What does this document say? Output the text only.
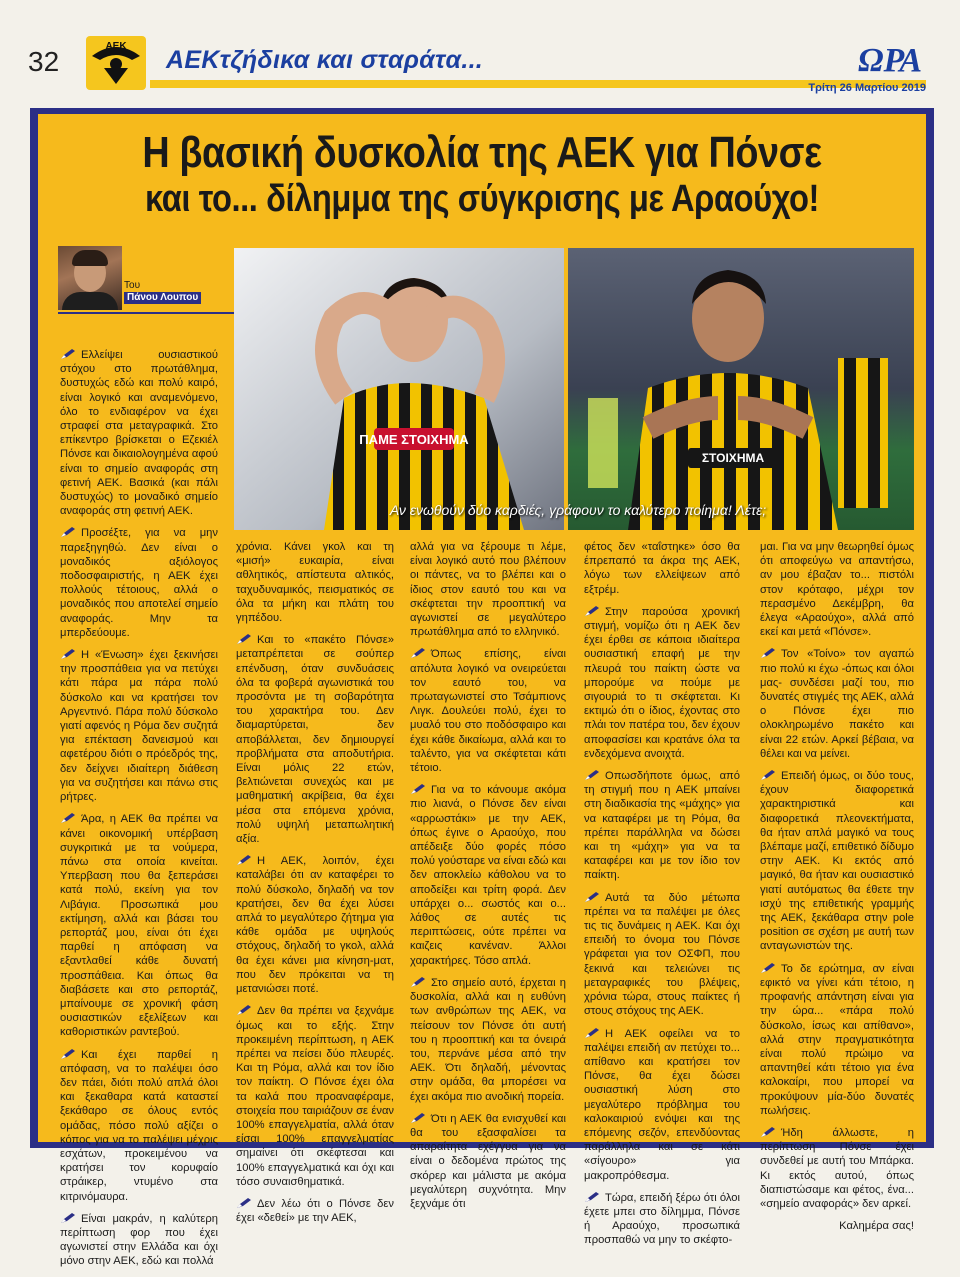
32	ΑΕΚ AEKτζήδικα και σταράτα...	ΩΡΑ
Τρίτη 26 Μαρτίου 2019
Η βασική δυσκολία της ΑΕΚ για Πόνσε
και το... δίλημμα της σύγκρισης με Αραούχο!
Του
Πάνου Λουπου
ΠΑΜΕ ΣΤΟΙΧΗΜΑ
ΣΤΟΙΧΗΜΑ
Αν ενωθούν δύο καρδιές, γράφουν το καλύτερο ποίημα! Λέτε;

Ελλείψει ουσιαστικού στόχου στο πρωτάθλημα, δυστυχώς εδώ και πολύ καιρό, είναι λογικό και αναμενόμενο, όλο το ενδιαφέρον να έχει στραφεί στα μεταγραφικά. Στο επίκεντρο βρίσκεται ο Εζεκιέλ Πόνσε και δικαιολογημένα αφού είναι το σημείο αναφοράς στη φετινή ΑΕΚ. Βασικά (και πάλι δυστυχώς) το μοναδικό σημείο αναφοράς στη φετινή ΑΕΚ.

Προσέξτε, για να μην παρεξηγηθώ. Δεν είναι ο μοναδικός αξιόλογος ποδοσφαιριστής, η ΑΕΚ έχει πολλούς τέτοιους, αλλά ο μοναδικός που αποτελεί σημείο αναφοράς. Μην τα μπερδεύουμε.

Η «Ένωση» έχει ξεκινήσει την προσπάθεια για να πετύχει κάτι πάρα μα πάρα πολύ δύσκολο και να κρατήσει τον Αργεντινό. Πάρα πολύ δύσκολο γιατί αφενός η Ρόμα δεν συζητά για επέκταση δανεισμού και αφετέρου διότι ο πρόεδρός της, δεν δείχνει ιδιαίτερη διάθεση για να συζητήσει και πάνω στις ρήτρες.

Άρα, η ΑΕΚ θα πρέπει να κάνει οικονομική υπέρβαση συγκριτικά με τα νούμερα, πάνω στα οποία κινείται. Υπερβαση που θα ξεπεράσει κατά πολύ, εκείνη για τον Λιβάγια. Προσωπικά μου εκτίμηση, αλλά και βάσει του ρεπορτάζ μου, είναι ότι έχει παρθεί η απόφαση να εξαντλαθεί κάθε δυνατή προσπάθεια. Και όπως θα διαβάσετε και στο ρεπορτάζ, μπαίνουμε σε χρονική φάση ουσιαστικών εξελίξεων και καθοριστικών ραντεβού.

Και έχει παρθεί η απόφαση, να το παλέψει όσο δεν πάει, διότι πολύ απλά όλοι και ξεκαθαρα κατά καταστεί ξεκάθαρο σε όλους εντός ομάδας, πόσο πολύ αξίζει ο κόπος για να το παλέψει μέχρις εσχάτων, προκειμένου να κρατήσει τον κορυφαίο στράικερ, ντυμένο στα κιτρινόμαυρα.

Είναι μακράν, η καλύτερη περίπτωση φορ που έχει αγωνιστεί στην Ελλάδα και όχι μόνο στην ΑΕΚ, εδώ και πολλά

χρόνια. Κάνει γκολ και τη «μισή» ευκαιρία, είναι αθλητικός, απίστευτα αλτικός, ταχυδυναμικός, πεισματικός σε όλα τα μήκη και πλάτη του γηπέδου.

Και το «πακέτο Πόνσε» μεταπρέπεται σε σούπερ επένδυση, όταν συνδυάσεις όλα τα φοβερά αγωνιστικά του προσόντα με τη σοβαρότητα του χαρακτήρα του. Δεν διαμαρτύρεται, δεν αποβάλλεται, δεν δημιουργεί προβλήματα στα αποδυτήρια. Είναι μόλις 22 ετών, βελτιώνεται συνεχώς και με μαθηματική ακρίβεια, θα έχει μέσα στα επόμενα χρόνια, πολύ υψηλή μεταπωλητική αξία.

Η ΑΕΚ, λοιπόν, έχει καταλάβει ότι αν καταφέρει το πολύ δύσκολο, δηλαδή να τον κρατήσει, δεν θα έχει λύσει απλά το μεγαλύτερο ζήτημα για κάθε ομάδα με υψηλούς στόχους, δηλαδή το γκολ, αλλά θα έχει κάνει μια κίνηση-ματ, που δεν πρόκειται να τη μετανιώσει ποτέ.

Δεν θα πρέπει να ξεχνάμε όμως και το εξής. Στην προκειμένη περίπτωση, η ΑΕΚ πρέπει να πείσει δύο πλευρές. Και τη Ρόμα, αλλά και τον ίδιο τον παίκτη. Ο Πόνσε έχει όλα τα καλά που προαναφέραμε, στοιχεία που ταιριάζουν σε έναν 100% επαγγελματία, αλλά όταν είσαι 100% επαγγελματίας σημαίνει ότι σκέφτεσαι και 100% επαγγελματικά και όχι και τόσο συναισθηματικά.

Δεν λέω ότι ο Πόνσε δεν έχει «δεθεί» με την ΑΕΚ,

αλλά για να ξέρουμε τι λέμε, είναι λογικό αυτό που βλέπουν οι πάντες, να το βλέπει και ο ίδιος στον εαυτό του και να σκέφτεται την προοπτική να αγωνιστεί σε μεγαλύτερο πρωτάθλημα από το ελληνικό.

Όπως επίσης, είναι απόλυτα λογικό να ονειρεύεται τον εαυτό του, να πρωταγωνιστεί στο Τσάμπιονς Λιγκ. Δουλεύει πολύ, έχει το μυαλό του στο ποδόσφαιρο και έχει κάθε δικαίωμα, αλλά και το ταλέντο, για να σκέφτεται κάτι τέτοιο.

Για να το κάνουμε ακόμα πιο λιανά, ο Πόνσε δεν είναι «αρρωστάκι» με την ΑΕΚ, όπως έγινε ο Αραούχο, που απέδειξε δύο φορές πόσο πολύ γούσταρε να είναι εδώ και δεν αποκλείω κάθολου να το αποδείξει και τρίτη φορά. Δεν υπάρχει ο... σωστός και ο... λάθος σε αυτές τις περιπτώσεις, ούτε πρέπει να καιζεις κανέναν. Άλλοι χαρακτήρες. Τόσο απλά.

Στο σημείο αυτό, έρχεται η δυσκολία, αλλά και η ευθύνη των ανθρώπων της ΑΕΚ, να πείσουν τον Πόνσε ότι αυτή του η προοπτική και τα όνειρά του, περνάνε μέσα από την ΑΕΚ. Ότι δηλαδή, μένοντας στην ομάδα, θα μπορέσει να έχει ακόμα πιο ανοδική πορεία.

Ότι η ΑΕΚ θα ενισχυθεί και θα του εξασφαλίσει τα απαραίτητα εχέγγυα για να είναι ο δεδομένα πρώτος της σκόρερ και μάλιστα με ακόμα μεγαλύτερη συχνότητα. Μην ξεχνάμε ότι

φέτος δεν «ταΐστηκε» όσο θα έπρεπαπό τα άκρα της ΑΕΚ, λόγω των ελλείψεων από εξτρέμ.

Στην παρούσα χρονική στιγμή, νομίζω ότι η ΑΕΚ δεν έχει έρθει σε κάποια ιδιαίτερα ουσιαστική επαφή με την πλευρά του παίκτη ώστε να μπορούμε να πούμε με σιγουριά το τι σκέφτεται. Κι εκτιμώ ότι ο ίδιος, έχοντας στο πλάι τον πατέρα του, δεν έχουν αποφασίσει και κρατάνε όλα τα ενδεχόμενα ανοιχτά.

Οπωσδήποτε όμως, από τη στιγμή που η ΑΕΚ μπαίνει στη διαδικασία της «μάχης» για να καταφέρει με τη Ρόμα, θα πρέπει παράλληλα να δώσει και τη «μάχη» για να τα καταφέρει και με τον ίδιο τον παίκτη.

Αυτά τα δύο μέτωπα πρέπει να τα παλέψει με όλες τις τις δυνάμεις η ΑΕΚ. Και όχι επειδή το όνομα του Πόνσε γράφεται για τον ΟΣΦΠ, που ξεκινά και τελειώνει τις μεταγραφικές του βλέψεις, χρόνια τώρα, στους παίκτες ή στους στόχους της ΑΕΚ.

Η ΑΕΚ οφείλει να το παλέψει επειδή αν πετύχει το... απίθανο και κρατήσει τον Πόνσε, θα έχει δώσει ουσιαστική λύση στο μεγαλύτερο πρόβλημα του καλοκαιριού ενόψει και της επόμενης σεζόν, επενδύοντας παράλληλα και σε κάτι «σίγουρο» για μακροπρόθεσμα.

Τώρα, επειδή ξέρω ότι όλοι έχετε μπει στο δίλημμα, Πόνσε ή Αραούχο, προσωπικά προσπαθώ να μην το σκέφτο-

μαι. Για να μην θεωρηθεί όμως ότι αποφεύγω να απαντήσω, αν μου έβαζαν το... πιστόλι στον κρόταφο, μέχρι τον περασμένο Δεκέμβρη, θα έλεγα «Αραούχο», αλλά από εκεί και μετά «Πόνσε».

Τον «Τοίνο» τον αγαπώ πιο πολύ κι έχω -όπως και όλοι μας- συνδέσει μαζί του, πιο δυνατές στιγμές της ΑΕΚ, αλλά ο Πόνσε έχει πιο ολοκληρωμένο πακέτο και είναι 22 ετών. Αρκεί βέβαια, να θέλει και να μείνει.

Επειδή όμως, οι δύο τους, έχουν διαφορετικά χαρακτηριστικά και διαφορετικά πλεονεκτήματα, θα ήταν απλά μαγικό να τους βλέπαμε μαζί, επιθετικό δίδυμο στην ΑΕΚ. Κι εκτός από μαγικό, θα ήταν και ουσιαστικό γιατί αυτόματως θα έθετε την ισχύ της επιθετικής γραμμής της ΑΕΚ, ξεκάθαρα στην pole position σε σχέση με αυτή των ανταγωνιστών της.

Το δε ερώτημα, αν είναι εφικτό να γίνει κάτι τέτοιο, η προφανής απάντηση είναι για την ώρα... «πάρα πολύ δύσκολο, ίσως και απίθανο», αλλά στην πραγματικότητα είναι πολύ πρώιμο να απαντηθεί κάτι τέτοιο για ένα καλοκαίρι, που μπορεί να προκύψουν μία-δύο δυνατές πωλήσεις.

Ήδη άλλωστε, η περίπτωση Πόνσε έχει συνδεθεί με αυτή του Μπάρκα. Κι εκτός αυτού, όπως διαπιστώσαμε και φέτος, ένα... «σημείο αναφοράς» δεν αρκεί.

Καλημέρα σας!
